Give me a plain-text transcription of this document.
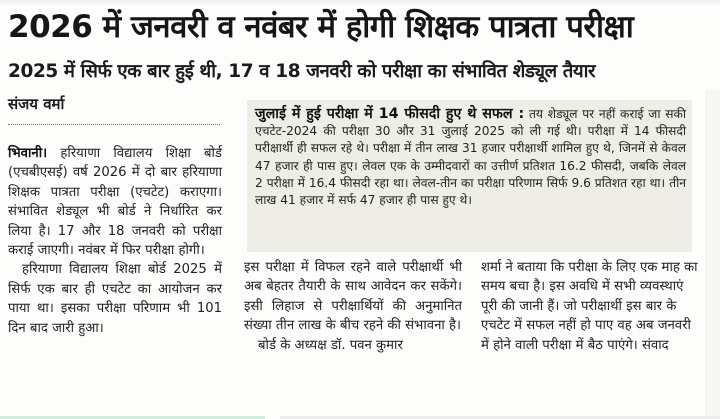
2026 में जनवरी व नवंबर में होगी शिक्षक पात्रता परीक्षा
2025 में सिर्फ एक बार हुई थी, 17 व 18 जनवरी को परीक्षा का संभावित शेड्यूल तैयार
संजय वर्मा

भिवानी। हरियाणा विद्यालय शिक्षा बोर्ड (एचबीएसई) वर्ष 2026 में दो बार हरियाणा शिक्षक पात्रता परीक्षा (एचटेट) कराएगा। संभावित शेड्यूल भी बोर्ड ने निर्धारित कर लिया है। 17 और 18 जनवरी को परीक्षा कराई जाएगी। नवंबर में फिर परीक्षा होगी।

हरियाणा विद्यालय शिक्षा बोर्ड 2025 में सिर्फ एक बार ही एचटेट का आयोजन कर पाया था। इसका परीक्षा परिणाम भी 101 दिन बाद जारी हुआ।

जुलाई में हुई परीक्षा में 14 फीसदी हुए थे सफल : तय शेड्यूल पर नहीं कराई जा सकी एचटेट-2024 की परीक्षा 30 और 31 जुलाई 2025 को ली गई थी। परीक्षा में 14 फीसदी परीक्षार्थी ही सफल रहे थे। परीक्षा में तीन लाख 31 हजार परीक्षार्थी शामिल हुए थे, जिनमें से केवल 47 हजार ही पास हुए। लेवल एक के उम्मीदवारों का उत्तीर्ण प्रतिशत 16.2 फीसदी, जबकि लेवल 2 परीक्षा में 16.4 फीसदी रहा था। लेवल-तीन का परीक्षा परिणाम सिर्फ 9.6 प्रतिशत रहा था। तीन लाख 41 हजार में सर्फ 47 हजार ही पास हुए थे।

इस परीक्षा में विफल रहने वाले परीक्षार्थी भी अब बेहतर तैयारी के साथ आवेदन कर सकेंगे। इसी लिहाज से परीक्षार्थियों की अनुमानित संख्या तीन लाख के बीच रहने की संभावना है।

बोर्ड के अध्यक्ष डॉ. पवन कुमार

शर्मा ने बताया कि परीक्षा के लिए एक माह का समय बचा है। इस अवधि में सभी व्यवस्थाएं पूरी की जानी हैं। जो परीक्षार्थी इस बार के एचटेट में सफल नहीं हो पाए वह अब जनवरी में होने वाली परीक्षा में बैठ पाएंगे। संवाद
